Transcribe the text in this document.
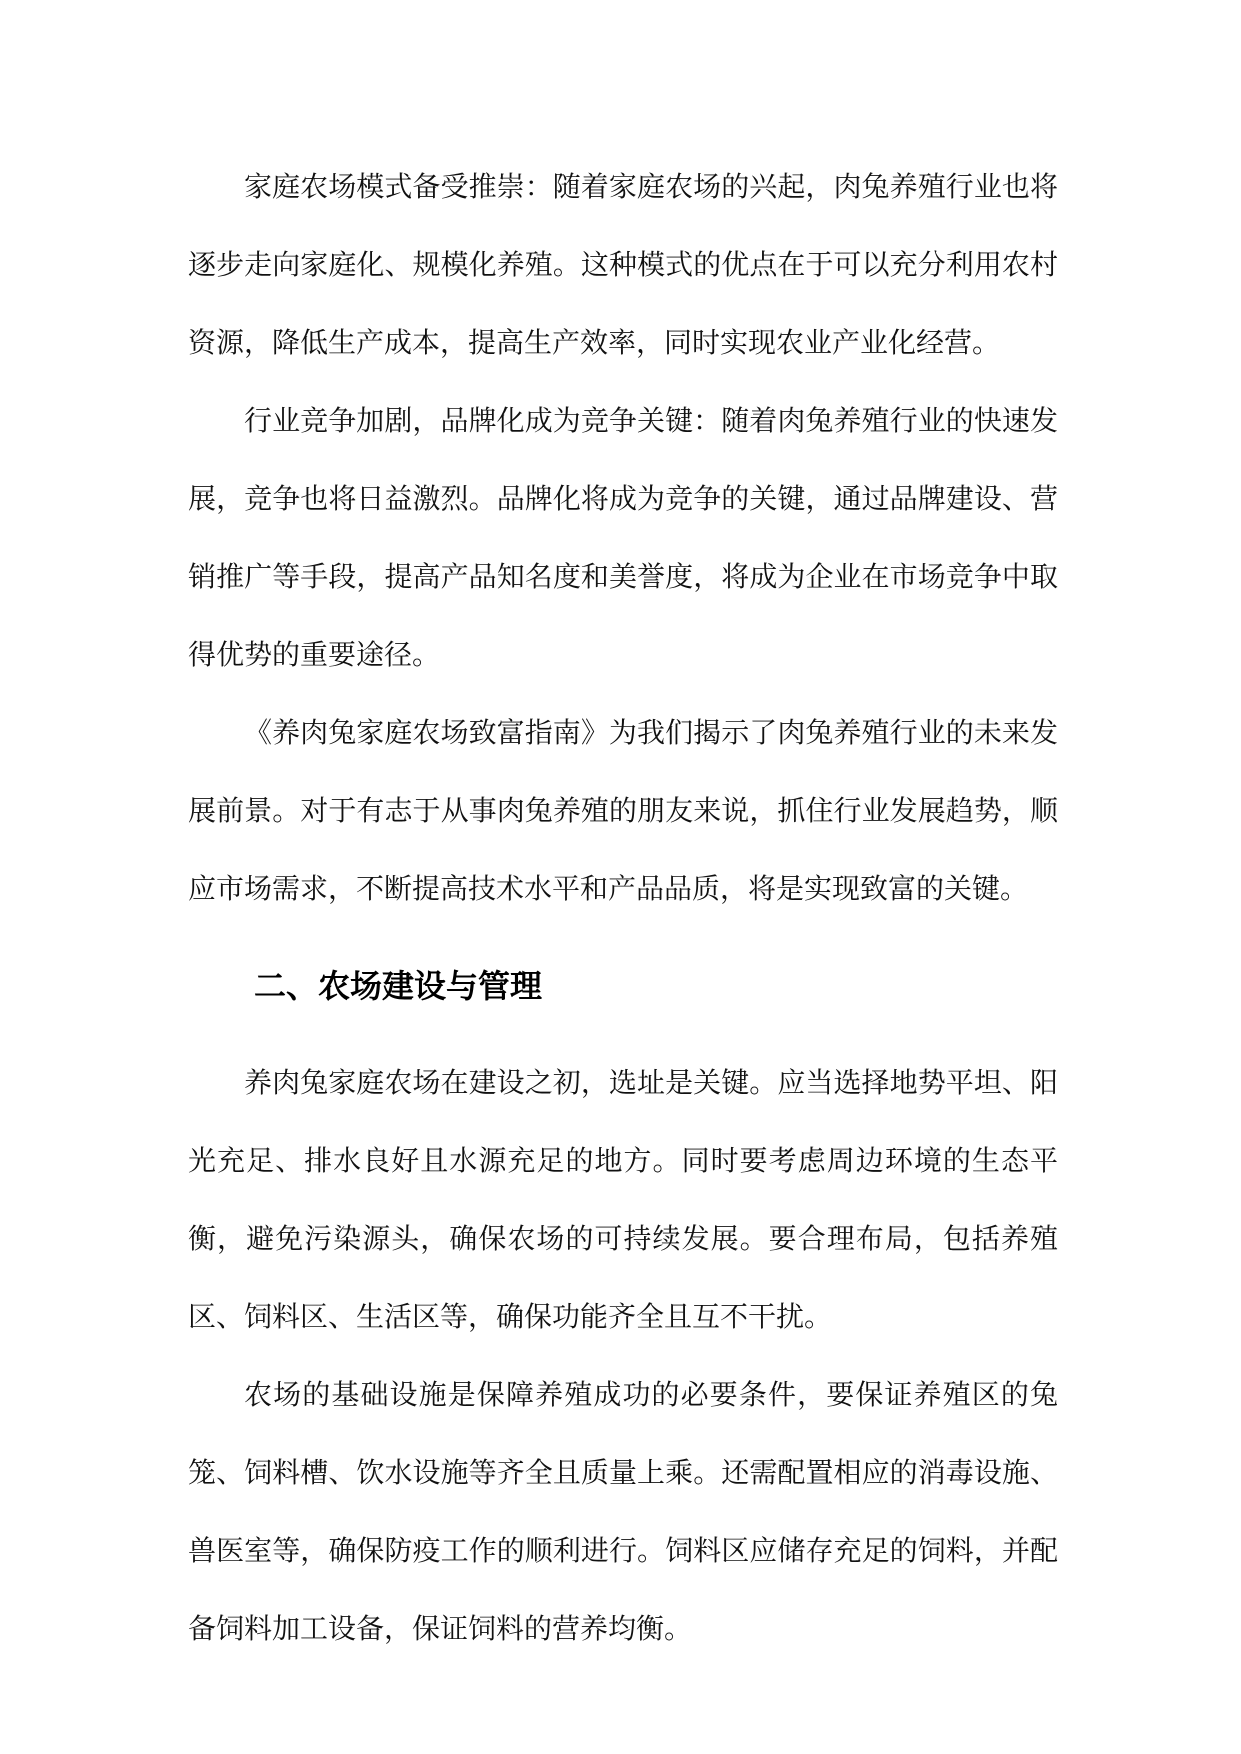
家庭农场模式备受推崇：随着家庭农场的兴起，肉兔养殖行业也将逐步走向家庭化、规模化养殖。这种模式的优点在于可以充分利用农村资源，降低生产成本，提高生产效率，同时实现农业产业化经营。

行业竞争加剧，品牌化成为竞争关键：随着肉兔养殖行业的快速发展，竞争也将日益激烈。品牌化将成为竞争的关键，通过品牌建设、营销推广等手段，提高产品知名度和美誉度，将成为企业在市场竞争中取得优势的重要途径。

《养肉兔家庭农场致富指南》为我们揭示了肉兔养殖行业的未来发展前景。对于有志于从事肉兔养殖的朋友来说，抓住行业发展趋势，顺应市场需求，不断提高技术水平和产品品质，将是实现致富的关键。

二、农场建设与管理

养肉兔家庭农场在建设之初，选址是关键。应当选择地势平坦、阳光充足、排水良好且水源充足的地方。同时要考虑周边环境的生态平衡，避免污染源头，确保农场的可持续发展。要合理布局，包括养殖区、饲料区、生活区等，确保功能齐全且互不干扰。

农场的基础设施是保障养殖成功的必要条件，要保证养殖区的兔笼、饲料槽、饮水设施等齐全且质量上乘。还需配置相应的消毒设施、兽医室等，确保防疫工作的顺利进行。饲料区应储存充足的饲料，并配备饲料加工设备，保证饲料的营养均衡。
